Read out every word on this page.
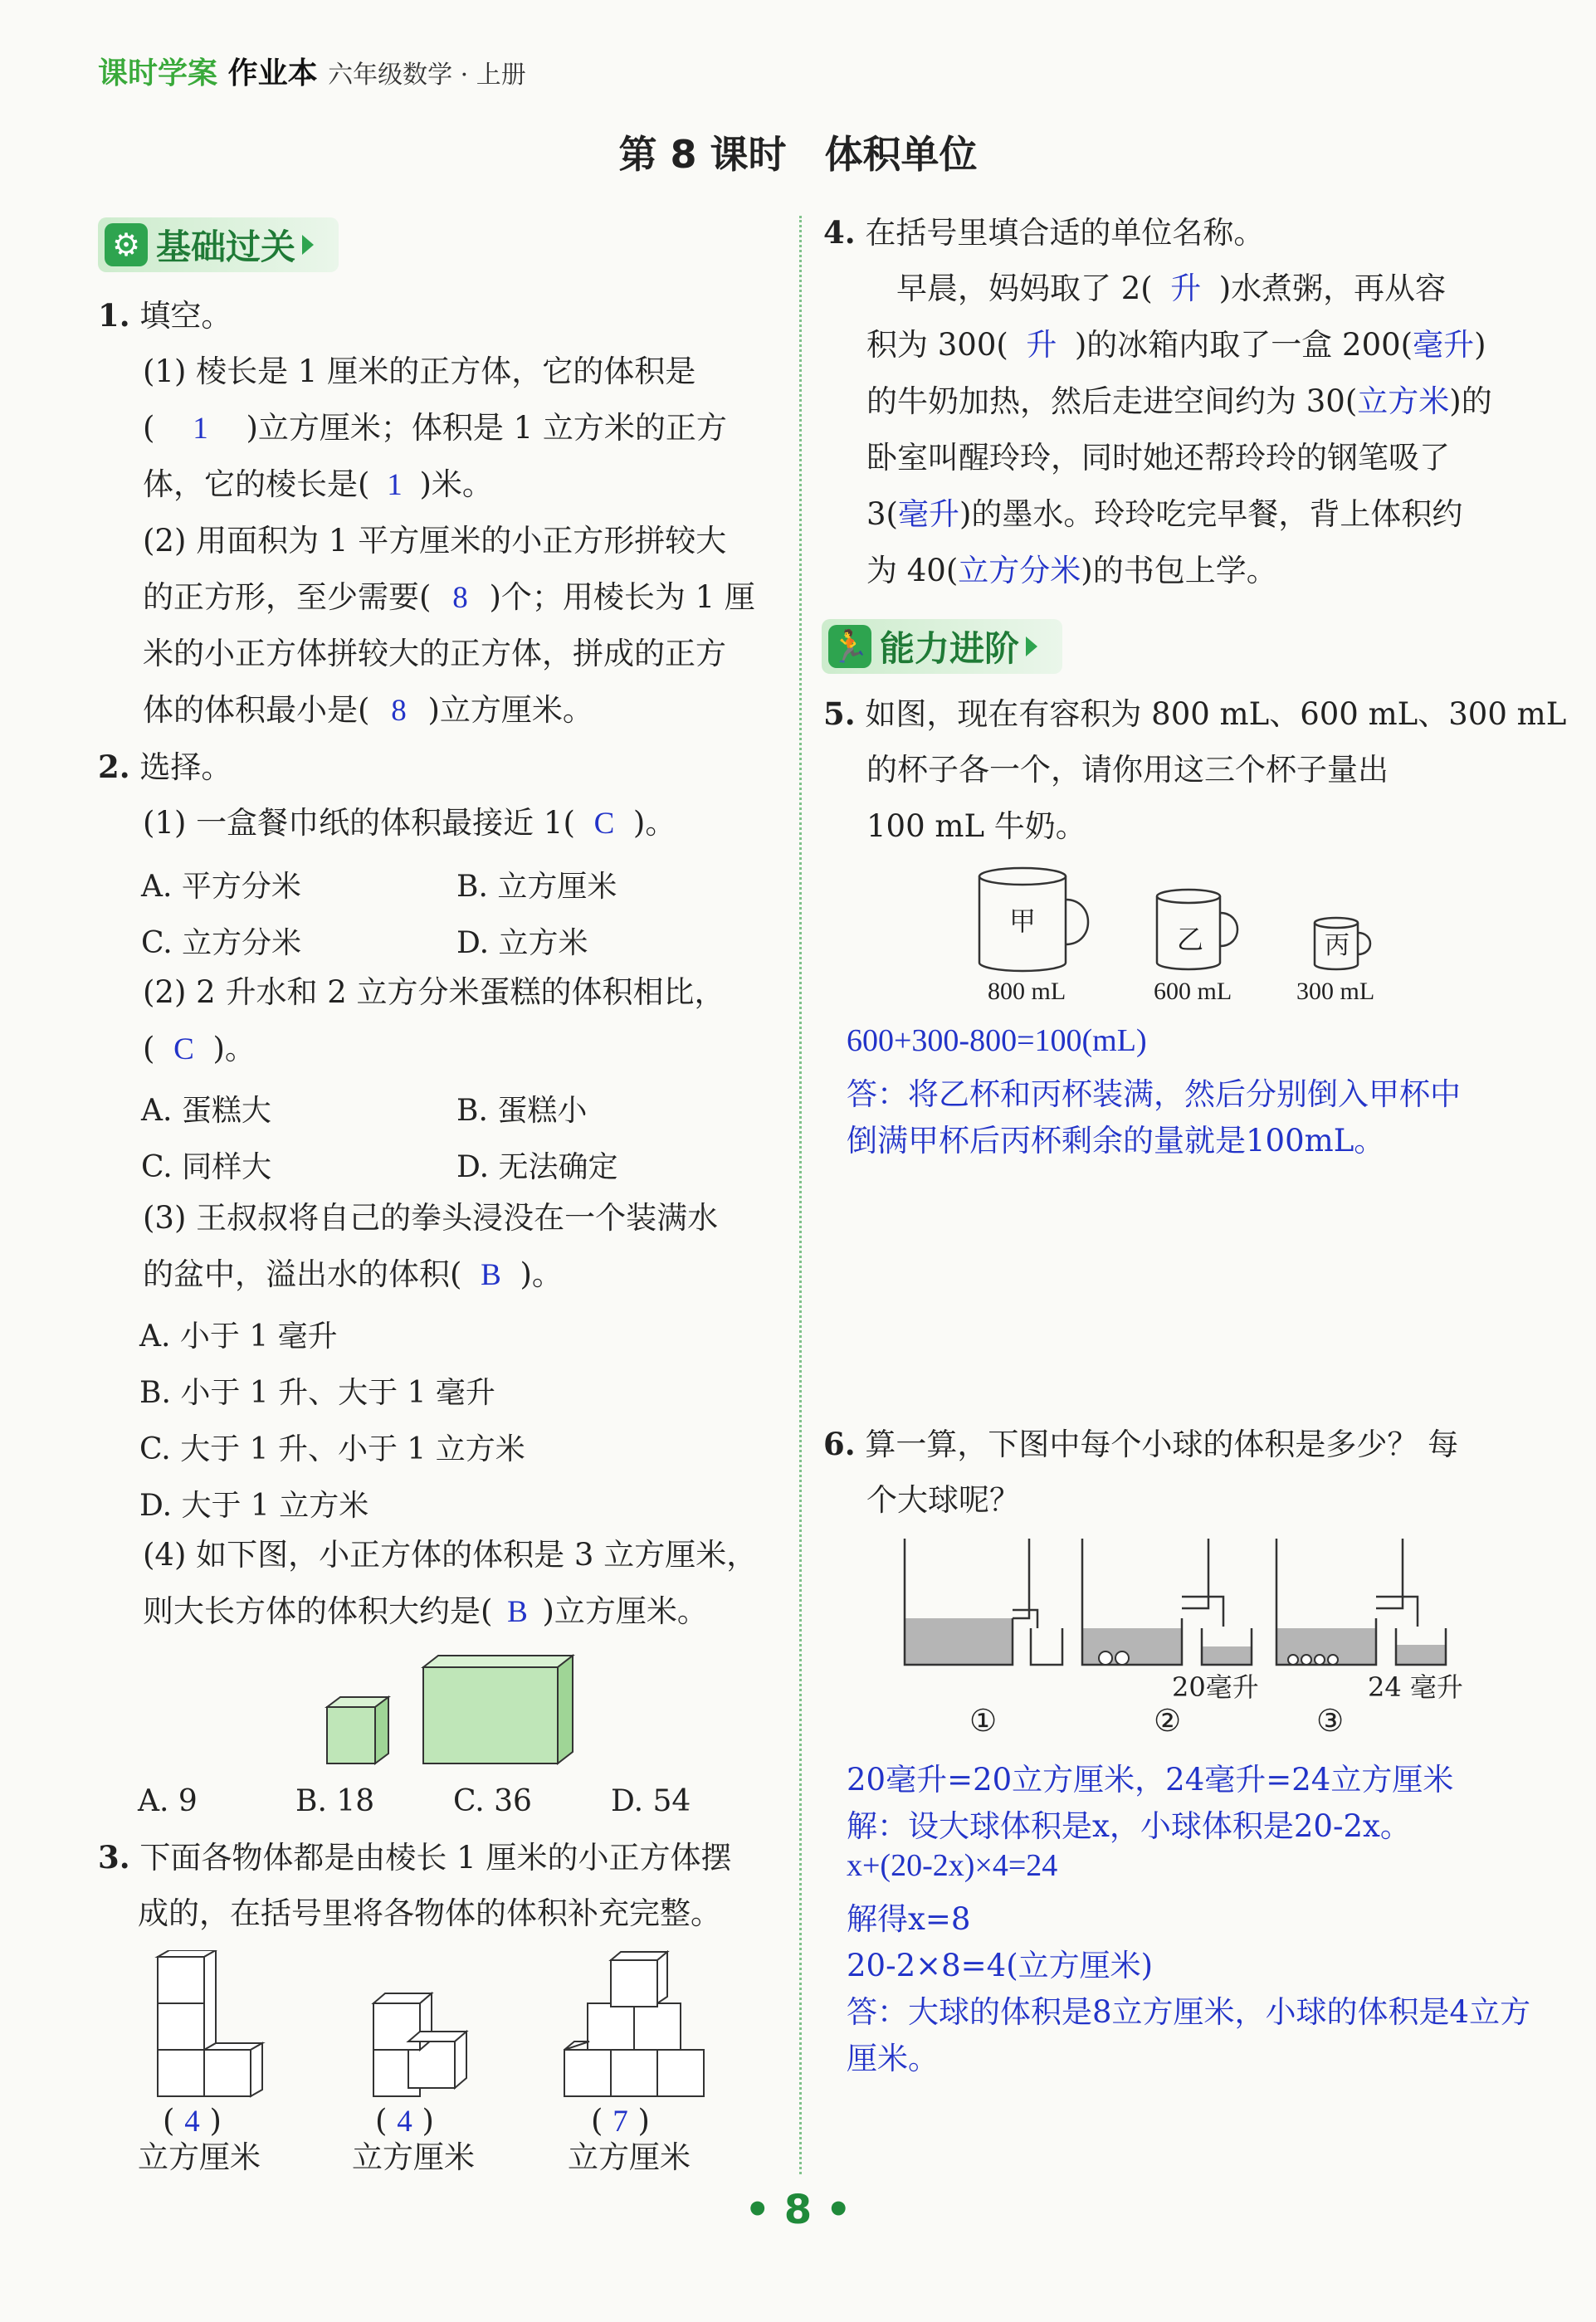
课时学案 作业本 六年级数学 · 上册
第 8 课时　体积单位
⚙ 基础过关
1. 填空。
(1) 棱长是 1 厘米的正方体，它的体积是
( 1 )立方厘米；体积是 1 立方米的正方
体，它的棱长是( 1 )米。
(2) 用面积为 1 平方厘米的小正方形拼较大
的正方形，至少需要( 8 )个；用棱长为 1 厘
米的小正方体拼较大的正方体，拼成的正方
体的体积最小是( 8 )立方厘米。
2. 选择。
(1) 一盒餐巾纸的体积最接近 1( C )。
A. 平方分米	B. 立方厘米
C. 立方分米	D. 立方米
(2) 2 升水和 2 立方分米蛋糕的体积相比，
( C )。
A. 蛋糕大	B. 蛋糕小
C. 同样大	D. 无法确定
(3) 王叔叔将自己的拳头浸没在一个装满水
的盆中，溢出水的体积( B )。
A. 小于 1 毫升
B. 小于 1 升、大于 1 毫升
C. 大于 1 升、小于 1 立方米
D. 大于 1 立方米
(4) 如下图，小正方体的体积是 3 立方厘米，
则大长方体的体积大约是( B )立方厘米。
A. 9	B. 18	C. 36	D. 54
3. 下面各物体都是由棱长 1 厘米的小正方体摆
成的，在括号里将各物体的体积补充完整。
( 4 )	( 4 )	( 7 )
立方厘米	立方厘米	立方厘米
4. 在括号里填合适的单位名称。
早晨，妈妈取了 2( 升 )水煮粥，再从容
积为 300( 升 )的冰箱内取了一盒 200(毫升)
的牛奶加热，然后走进空间约为 30(立方米)的
卧室叫醒玲玲，同时她还帮玲玲的钢笔吸了
3(毫升)的墨水。玲玲吃完早餐，背上体积约
为 40(立方分米)的书包上学。
🏃 能力进阶
5. 如图，现在有容积为 800 mL、600 mL、300 mL
的杯子各一个，请你用这三个杯子量出
100 mL 牛奶。
甲
乙	丙
800 mL	600 mL	300 mL
600+300-800=100(mL)
答：将乙杯和丙杯装满，然后分别倒入甲杯中
倒满甲杯后丙杯剩余的量就是100mL。
6. 算一算，下图中每个小球的体积是多少？ 每
个大球呢？
20毫升	24 毫升
①	②	③
20毫升=20立方厘米，24毫升=24立方厘米
解：设大球体积是x，小球体积是20-2x。
x+(20-2x)×4=24
解得x=8
20-2×8=4(立方厘米)
答：大球的体积是8立方厘米，小球的体积是4立方
厘米。
• 8 •
